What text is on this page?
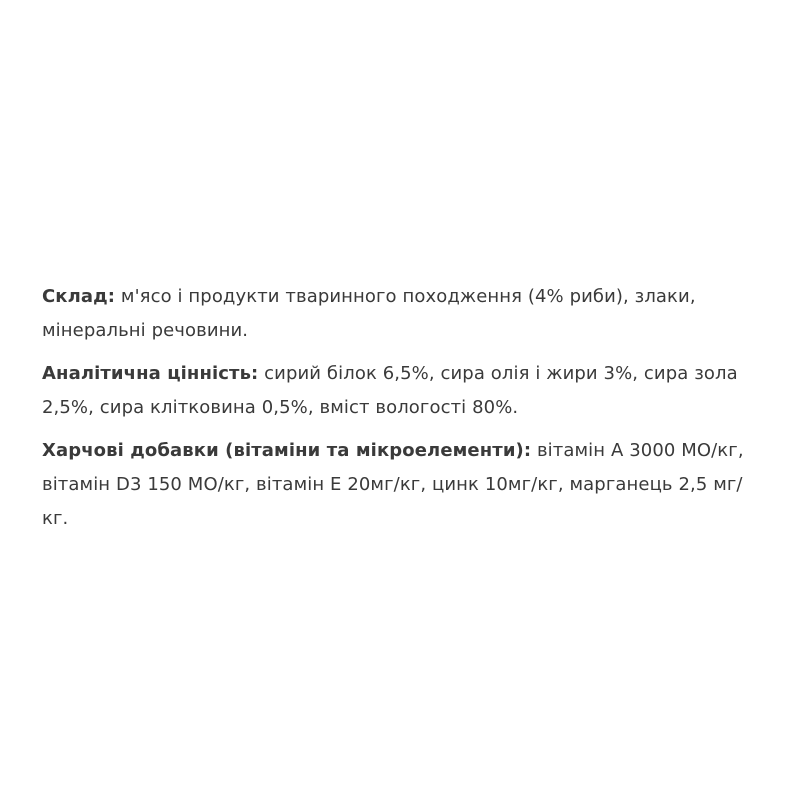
Склад: м'ясо і продукти тваринного походження (4% риби), злаки, мінеральні речовини.

Аналітична цінність: сирий білок 6,5%, сира олія і жири 3%, сира зола 2,5%, сира клітковина 0,5%, вміст вологості 80%.

Харчові добавки (вітаміни та мікроелементи): вітамін А 3000 МО/кг, вітамін D3 150 МО/кг, вітамін Е 20мг/кг, цинк 10мг/кг, марганець 2,5 мг/кг.
